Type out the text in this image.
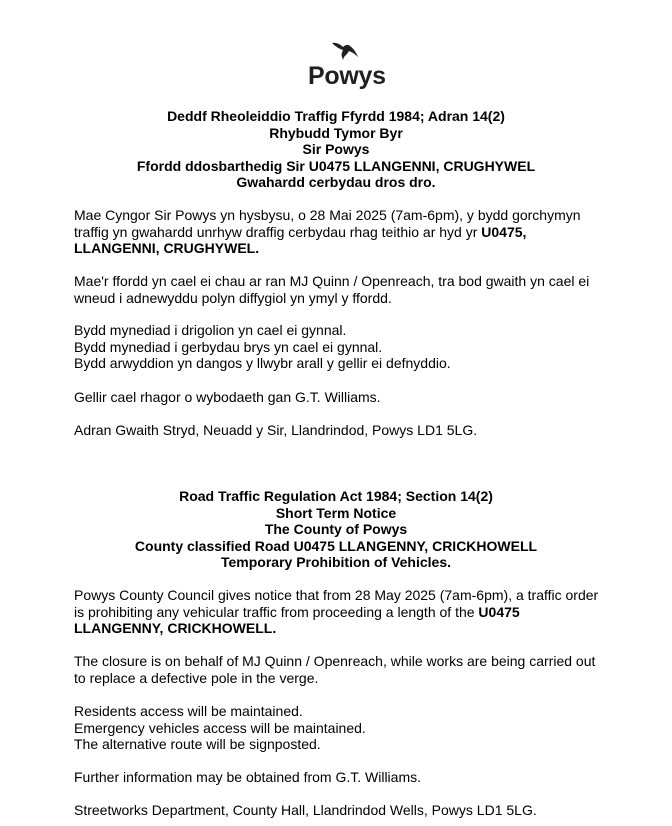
Powys
Deddf Rheoleiddio Traffig Ffyrdd 1984; Adran 14(2)
Rhybudd Tymor Byr
Sir Powys
Ffordd ddosbarthedig Sir U0475 LLANGENNI, CRUGHYWEL
Gwahardd cerbydau dros dro.
Mae Cyngor Sir Powys yn hysbysu, o 28 Mai 2025 (7am-6pm), y bydd gorchymyn
traffig yn gwahardd unrhyw draffig cerbydau rhag teithio ar hyd yr U0475,
LLANGENNI, CRUGHYWEL.
Mae'r ffordd yn cael ei chau ar ran MJ Quinn / Openreach, tra bod gwaith yn cael ei
wneud i adnewyddu polyn diffygiol yn ymyl y ffordd.
Bydd mynediad i drigolion yn cael ei gynnal.
Bydd mynediad i gerbydau brys yn cael ei gynnal.
Bydd arwyddion yn dangos y llwybr arall y gellir ei defnyddio.
Gellir cael rhagor o wybodaeth gan G.T. Williams.
Adran Gwaith Stryd, Neuadd y Sir, Llandrindod, Powys LD1 5LG.
Road Traffic Regulation Act 1984; Section 14(2)
Short Term Notice
The County of Powys
County classified Road U0475 LLANGENNY, CRICKHOWELL
Temporary Prohibition of Vehicles.
Powys County Council gives notice that from 28 May 2025 (7am-6pm), a traffic order
is prohibiting any vehicular traffic from proceeding a length of the U0475
LLANGENNY, CRICKHOWELL.
The closure is on behalf of MJ Quinn / Openreach, while works are being carried out
to replace a defective pole in the verge.
Residents access will be maintained.
Emergency vehicles access will be maintained.
The alternative route will be signposted.
Further information may be obtained from G.T. Williams.
Streetworks Department, County Hall, Llandrindod Wells, Powys LD1 5LG.
